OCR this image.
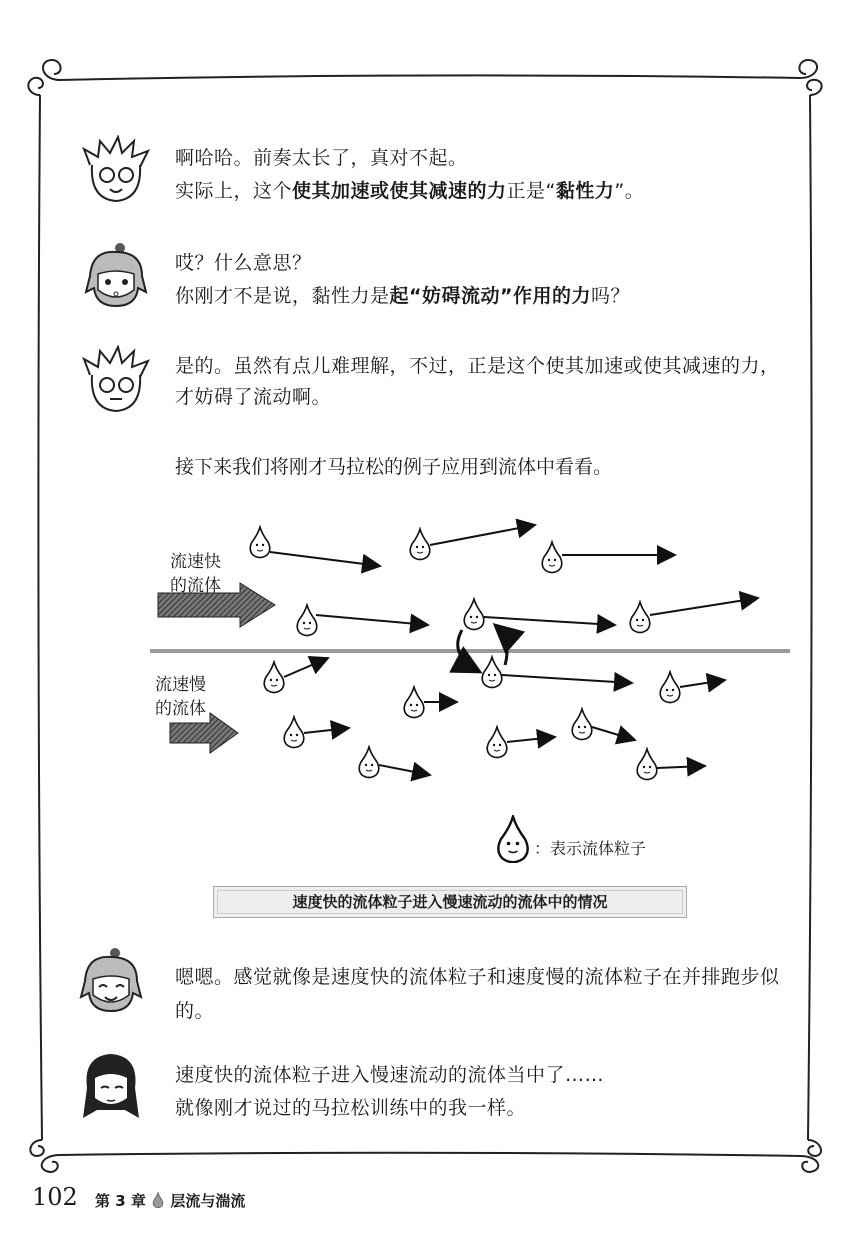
啊哈哈。前奏太长了，真对不起。
实际上，这个使其加速或使其减速的力正是“黏性力”。
哎？什么意思？
你刚才不是说，黏性力是起“妨碍流动”作用的力吗？
是的。虽然有点儿难理解，不过，正是这个使其加速或使其减速的力，
才妨碍了流动啊。
接下来我们将刚才马拉松的例子应用到流体中看看。
流速快
的流体
流速慢
的流体
：表示流体粒子
速度快的流体粒子进入慢速流动的流体中的情况
嗯嗯。感觉就像是速度快的流体粒子和速度慢的流体粒子在并排跑步似的。
速度快的流体粒子进入慢速流动的流体当中了……
就像刚才说过的马拉松训练中的我一样。
102 第 3 章 层流与湍流
